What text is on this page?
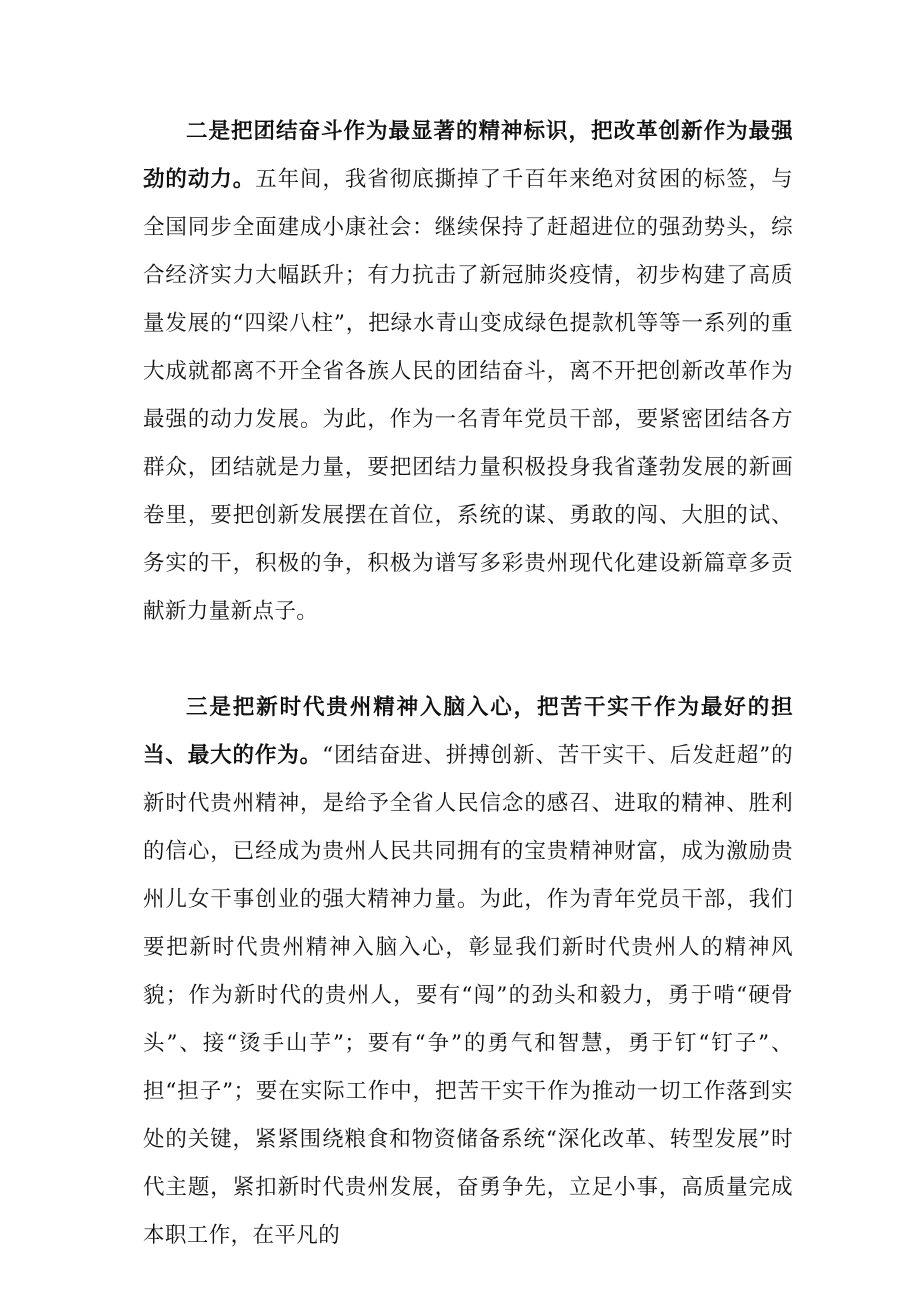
二是把团结奋斗作为最显著的精神标识，把改革创新作为最强劲的动力。五年间，我省彻底撕掉了千百年来绝对贫困的标签，与全国同步全面建成小康社会：继续保持了赶超进位的强劲势头，综合经济实力大幅跃升；有力抗击了新冠肺炎疫情，初步构建了高质量发展的“四梁八柱”，把绿水青山变成绿色提款机等等一系列的重大成就都离不开全省各族人民的团结奋斗，离不开把创新改革作为最强的动力发展。为此，作为一名青年党员干部，要紧密团结各方群众，团结就是力量，要把团结力量积极投身我省蓬勃发展的新画卷里，要把创新发展摆在首位，系统的谋、勇敢的闯、大胆的试、务实的干，积极的争，积极为谱写多彩贵州现代化建设新篇章多贡献新力量新点子。

三是把新时代贵州精神入脑入心，把苦干实干作为最好的担当、最大的作为。“团结奋进、拼搏创新、苦干实干、后发赶超”的新时代贵州精神，是给予全省人民信念的感召、进取的精神、胜利的信心，已经成为贵州人民共同拥有的宝贵精神财富，成为激励贵州儿女干事创业的强大精神力量。为此，作为青年党员干部，我们要把新时代贵州精神入脑入心，彰显我们新时代贵州人的精神风貌；作为新时代的贵州人，要有“闯”的劲头和毅力，勇于啃“硬骨头”、接“烫手山芋”；要有“争”的勇气和智慧，勇于钉“钉子”、担“担子”；要在实际工作中，把苦干实干作为推动一切工作落到实处的关键，紧紧围绕粮食和物资储备系统“深化改革、转型发展”时代主题，紧扣新时代贵州发展，奋勇争先，立足小事，高质量完成本职工作，在平凡的
